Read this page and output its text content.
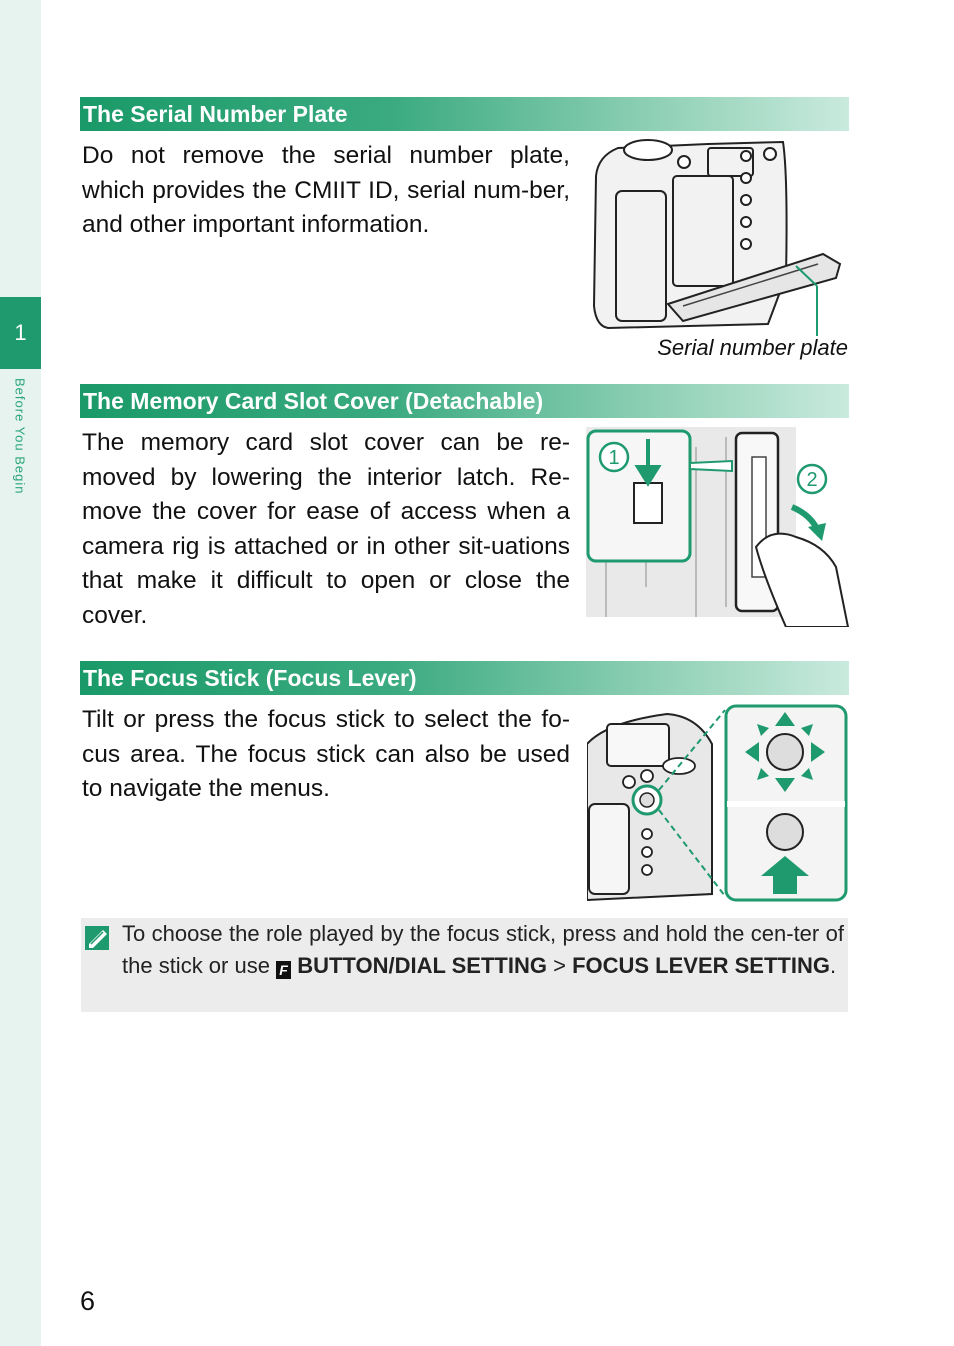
1
Before You Begin
The Serial Number Plate
Do not remove the serial number plate, which provides the CMIIT ID, serial num-ber, and other important information.
Serial number plate
The Memory Card Slot Cover (Detachable)
The memory card slot cover can be re-moved by lowering the interior latch. Re-move the cover for ease of access when a camera rig is attached or in other sit-uations that make it difficult to open or close the cover.
1
2
The Focus Stick (Focus Lever)
Tilt or press the focus stick to select the fo-cus area. The focus stick can also be used to navigate the menus.
To choose the role played by the focus stick, press and hold the cen-ter of the stick or use F BUTTON/DIAL SETTING > FOCUS LEVER SETTING.
6
